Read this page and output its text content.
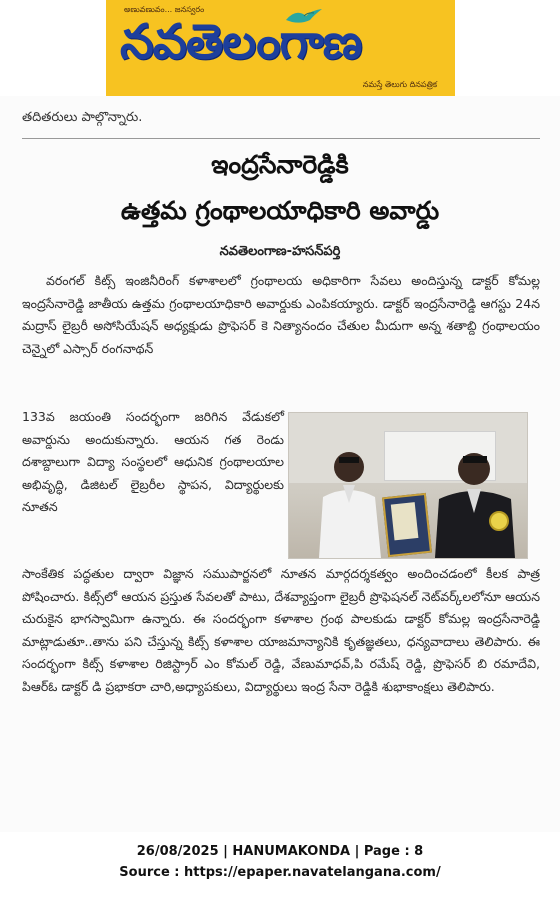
అణువణువం... జనస్వరం
నవతెలంగాణ
నమస్తే తెలుగు దినపత్రిక
తదితరులు పాల్గొన్నారు.
ఇంద్రసేనారెడ్డికి
ఉత్తమ గ్రంథాలయాధికారి అవార్డు
నవతెలంగాణ-హసన్‌పర్తి

వరంగల్ కిట్స్ ఇంజినీరింగ్ కళాశాలలో గ్రంథాలయ అధికారిగా సేవలు అందిస్తున్న డాక్టర్ కోమల్ల ఇంద్రసేనారెడ్డి జాతీయ ఉత్తమ గ్రంథాలయాధికారి అవార్డుకు ఎంపికయ్యారు. డాక్టర్ ఇంద్రసేనారెడ్డి ఆగస్టు 24న మద్రాస్ లైబ్రరీ అసోసియేషన్ అధ్యక్షుడు ప్రొఫెసర్ కె నిత్యానందం చేతుల మీదుగా అన్న శతాబ్ది గ్రంథాలయం చెన్నైలో ఎస్సార్ రంగనాథన్

133వ జయంతి సందర్భంగా జరిగిన వేడుకలో అవార్డును అందుకున్నారు. ఆయన గత రెండు దశాబ్దాలుగా విద్యా సంస్థలలో ఆధునిక గ్రంథాలయాల అభివృద్ధి, డిజిటల్ లైబ్రరీల స్థాపన, విద్యార్థులకు నూతన

సాంకేతిక పద్ధతుల ద్వారా విజ్ఞాన సముపార్జనలో నూతన మార్గదర్శకత్వం అందించడంలో కీలక పాత్ర పోషించారు. కిట్స్‌లో ఆయన ప్రస్తుత సేవలతో పాటు, దేశవ్యాప్తంగా లైబ్రరీ ప్రొఫెషనల్ నెట్‌వర్క్‌లలోనూ ఆయన చురుకైన భాగస్వామిగా ఉన్నారు. ఈ సందర్భంగా కళాశాల గ్రంథ పాలకుడు డాక్టర్ కోమల్ల ఇంద్రసేనారెడ్డి మాట్లాడుతూ..తాను పని చేస్తున్న కిట్స్ కళాశాల యాజమాన్యానికి కృతజ్ఞతలు, ధన్యవాదాలు తెలిపారు. ఈ సందర్భంగా కిట్స్ కళాశాల రిజిస్ట్రార్ ఎం కోమల్ రెడ్డి, వేణుమాధవ్,పి రమేష్ రెడ్డి, ప్రొఫెసర్ బి రమాదేవి, పిఆర్ఓ డాక్టర్ డి ప్రభాకరా చారి,అధ్యాపకులు, విద్యార్థులు ఇంద్ర సేనా రెడ్డికి శుభాకాంక్షలు తెలిపారు.

26/08/2025 | HANUMAKONDA | Page : 8
Source : https://epaper.navatelangana.com/
